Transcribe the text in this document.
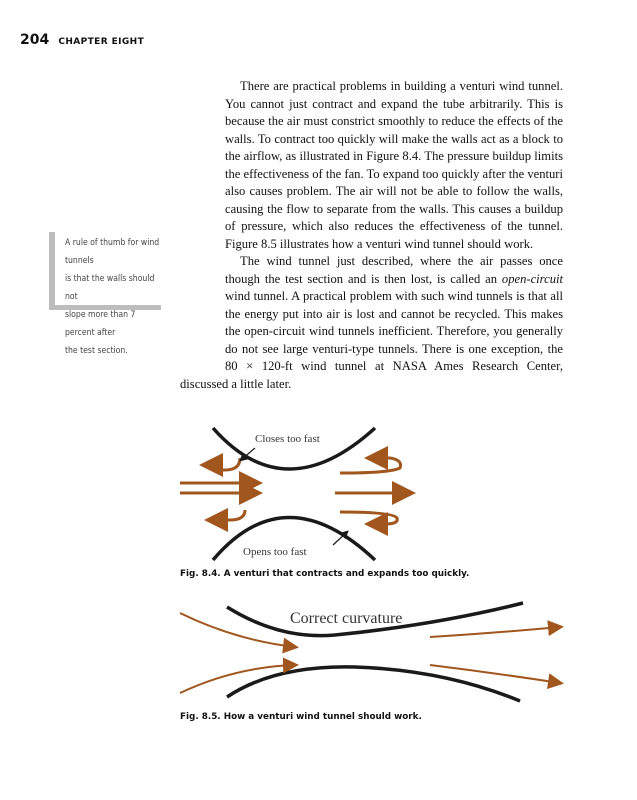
204 CHAPTER EIGHT

There are practical problems in building a venturi wind tunnel. You cannot just contract and expand the tube arbitrarily. This is because the air must constrict smoothly to reduce the effects of the walls. To contract too quickly will make the walls act as a block to the airflow, as illustrated in Figure 8.4. The pressure buildup limits the effectiveness of the fan. To expand too quickly after the venturi also causes problem. The air will not be able to follow the walls, causing the flow to separate from the walls. This causes a buildup of pressure, which also reduces the effectiveness of the tunnel. Figure 8.5 illustrates how a venturi wind tunnel should work.

The wind tunnel just described, where the air passes once though the test section and is then lost, is called an open-circuit wind tunnel. A practical problem with such wind tunnels is that all the energy put into air is lost and cannot be recycled. This makes the open-circuit wind tunnels inefficient. Therefore, you generally do not see large venturi-type tunnels. There is one exception, the 80 × 120-ft wind tunnel at NASA Ames Research Center, discussed a little later.

A rule of thumb for wind tunnels
is that the walls should not
slope more than 7 percent after
the test section.
Closes too fast
Opens too fast
Fig. 8.4. A venturi that contracts and expands too quickly.
Correct curvature
Fig. 8.5. How a venturi wind tunnel should work.
